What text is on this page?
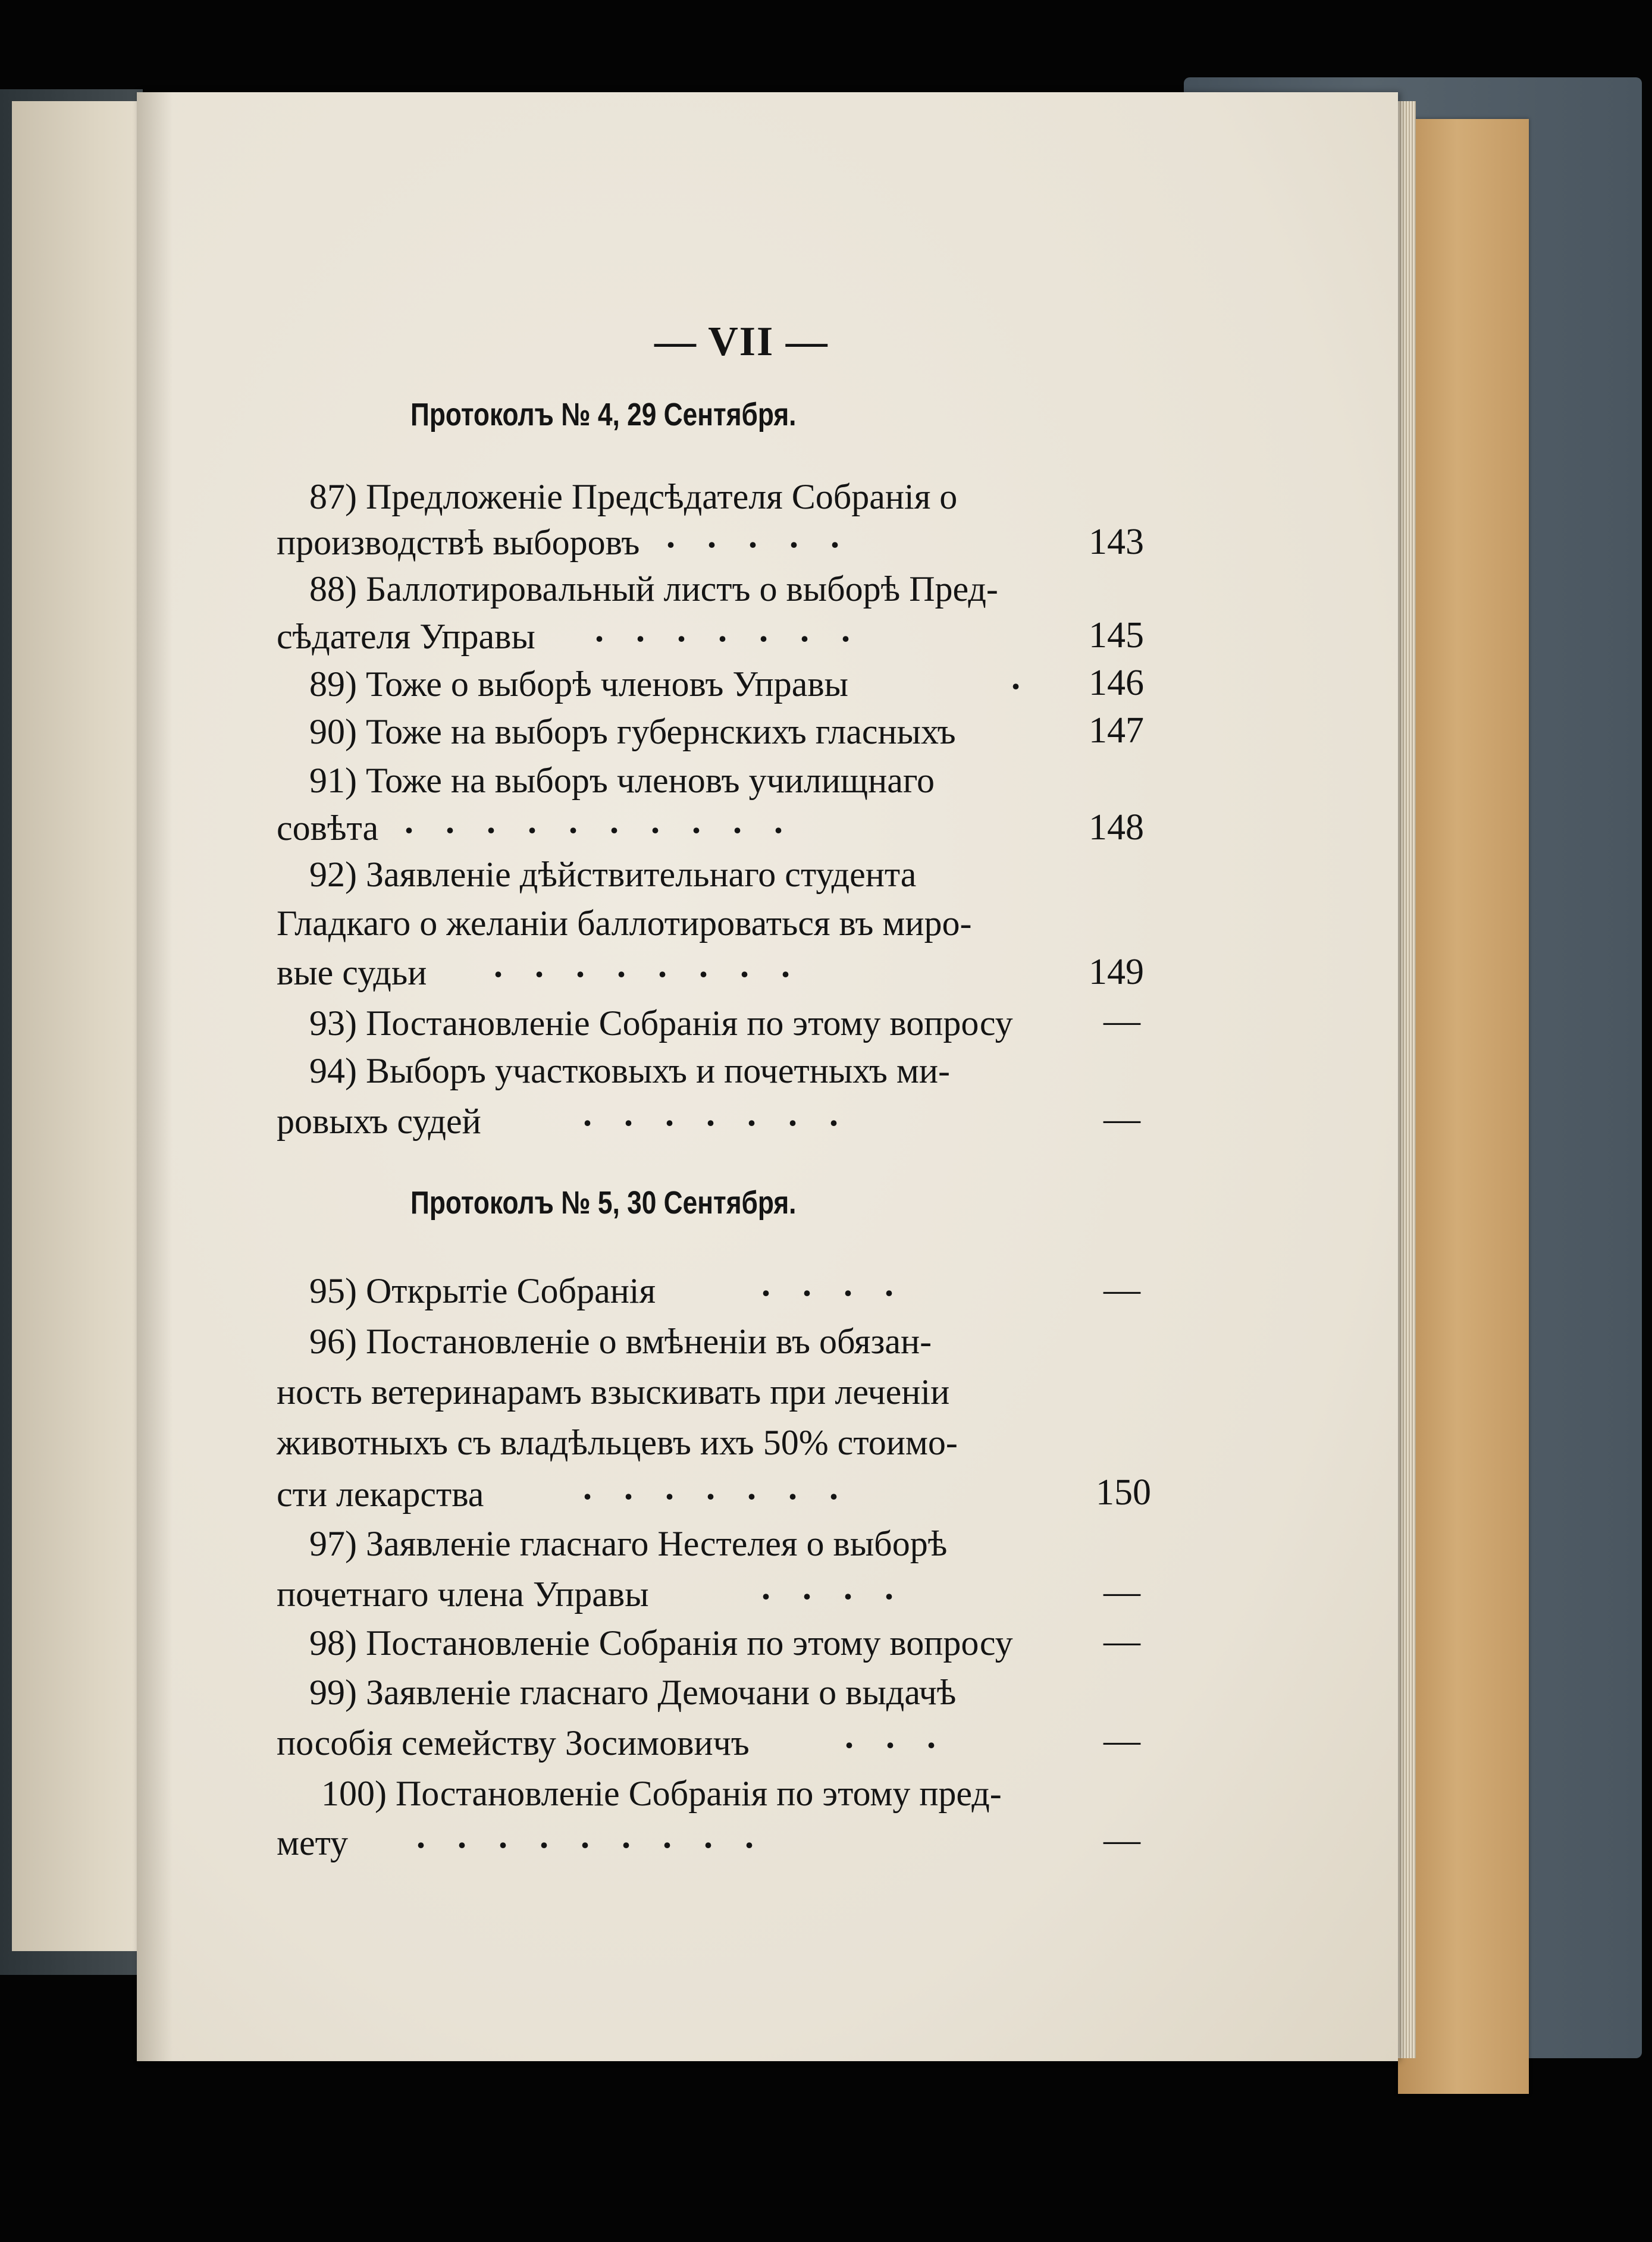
— VII —

Протоколъ № 4, 29 Сентября.

87) Предложеніе Предсѣдателя Собранія о

производствѣ выборовъ .....	143

88) Баллотировальный листъ о выборѣ Пред-

сѣдателя Управы .......	145

89) Тоже о выборѣ членовъ Управы	. 146

90) Тоже на выборъ губернскихъ гласныхъ	147

91) Тоже на выборъ членовъ училищнаго

совѣта ..........	148

92) Заявленіе дѣйствительнаго студента

Гладкаго о желаніи баллотироваться въ миро-

вые судьи ........	149

93) Постановленіе Собранія по этому вопросу —

94) Выборъ участковыхъ и почетныхъ ми-

ровыхъ судей	.......	—

Протоколъ № 5, 30 Сентября.

95) Открытіе Собранія	....	—

96) Постановленіе о вмѣненіи въ обязан-

ность ветеринарамъ взыскивать при леченіи

животныхъ съ владѣльцевъ ихъ 50% стоимо-

сти лекарства	.......	150

97) Заявленіе гласнаго Нестелея о выборѣ

почетнаго члена Управы	....	—

98) Постановленіе Собранія по этому вопросу —

99) Заявленіе гласнаго Демочани о выдачѣ

пособія семейству Зосимовичъ	...	—

100) Постановленіе Собранія по этому пред-

мету .........	—
